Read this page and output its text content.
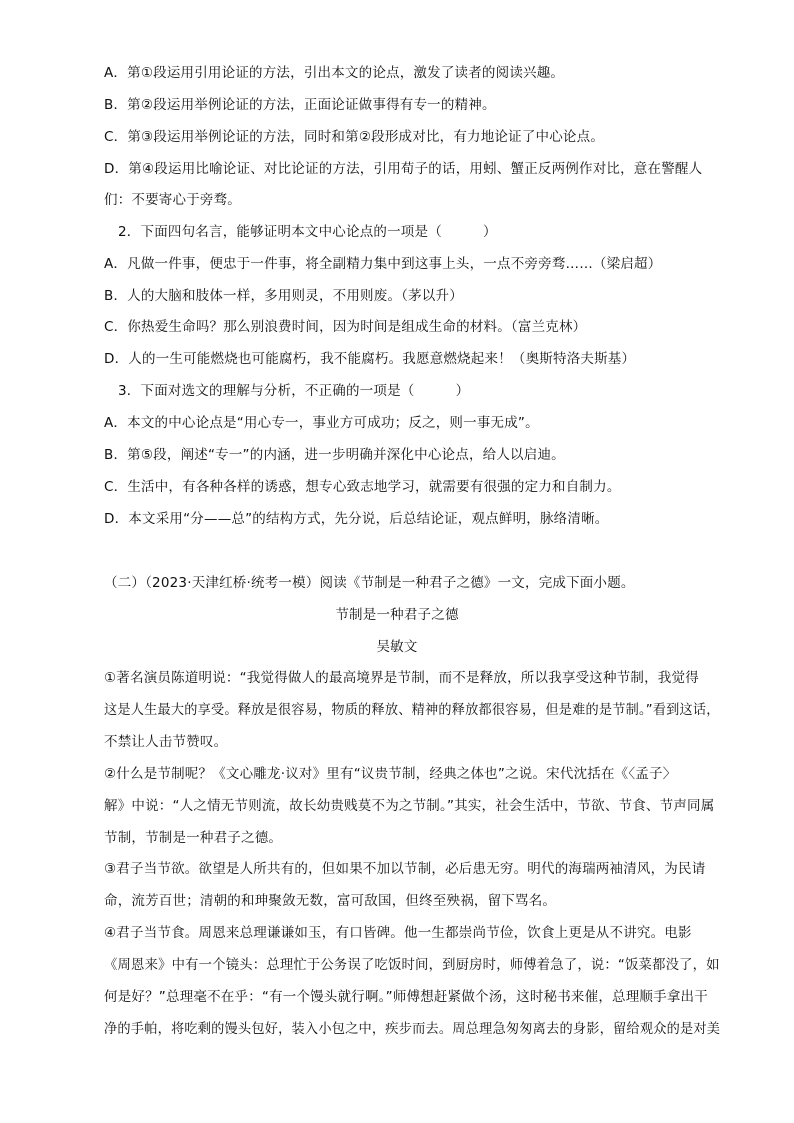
A．第①段运用引用论证的方法，引出本文的论点，激发了读者的阅读兴趣。
B．第②段运用举例论证的方法，正面论证做事得有专一的精神。
C．第③段运用举例论证的方法，同时和第②段形成对比，有力地论证了中心论点。
D．第④段运用比喻论证、对比论证的方法，引用荀子的话，用蚓、蟹正反两例作对比，意在警醒人
们：不要寄心于旁骛。
2．下面四句名言，能够证明本文中心论点的一项是（　　　）
A．凡做一件事，便忠于一件事，将全副精力集中到这事上头，一点不旁旁骛……（梁启超）
B．人的大脑和肢体一样，多用则灵，不用则废。（茅以升）
C．你热爱生命吗？那么别浪费时间，因为时间是组成生命的材料。（富兰克林）
D．人的一生可能燃烧也可能腐朽，我不能腐朽。我愿意燃烧起来！（奥斯特洛夫斯基）
3．下面对选文的理解与分析，不正确的一项是（　　　）
A．本文的中心论点是“用心专一，事业方可成功；反之，则一事无成”。
B．第⑤段，阐述“专一”的内涵，进一步明确并深化中心论点，给人以启迪。
C．生活中，有各种各样的诱惑，想专心致志地学习，就需要有很强的定力和自制力。
D．本文采用“分——总”的结构方式，先分说，后总结论证，观点鲜明，脉络清晰。
（二）（2023·天津红桥·统考一模）阅读《节制是一种君子之德》一文，完成下面小题。
节制是一种君子之德
吴敏文
①著名演员陈道明说：“我觉得做人的最高境界是节制，而不是释放，所以我享受这种节制，我觉得
这是人生最大的享受。释放是很容易，物质的释放、精神的释放都很容易，但是难的是节制。”看到这话，
不禁让人击节赞叹。
②什么是节制呢？《文心雕龙·议对》里有“议贵节制，经典之体也”之说。宋代沈括在《〈孟子〉
解》中说：“人之情无节则流，故长幼贵贱莫不为之节制。”其实，社会生活中，节欲、节食、节声同属
节制，节制是一种君子之德。
③君子当节欲。欲望是人所共有的，但如果不加以节制，必后患无穷。明代的海瑞两袖清风，为民请
命，流芳百世；清朝的和珅聚敛无数，富可敌国，但终至殃祸，留下骂名。
④君子当节食。周恩来总理谦谦如玉，有口皆碑。他一生都崇尚节俭，饮食上更是从不讲究。电影
《周恩来》中有一个镜头：总理忙于公务误了吃饭时间，到厨房时，师傅着急了，说：“饭菜都没了，如
何是好？”总理毫不在乎：“有一个馒头就行啊。”师傅想赶紧做个汤，这时秘书来催，总理顺手拿出干
净的手帕，将吃剩的馒头包好，装入小包之中，疾步而去。周总理急匆匆离去的身影，留给观众的是对美
